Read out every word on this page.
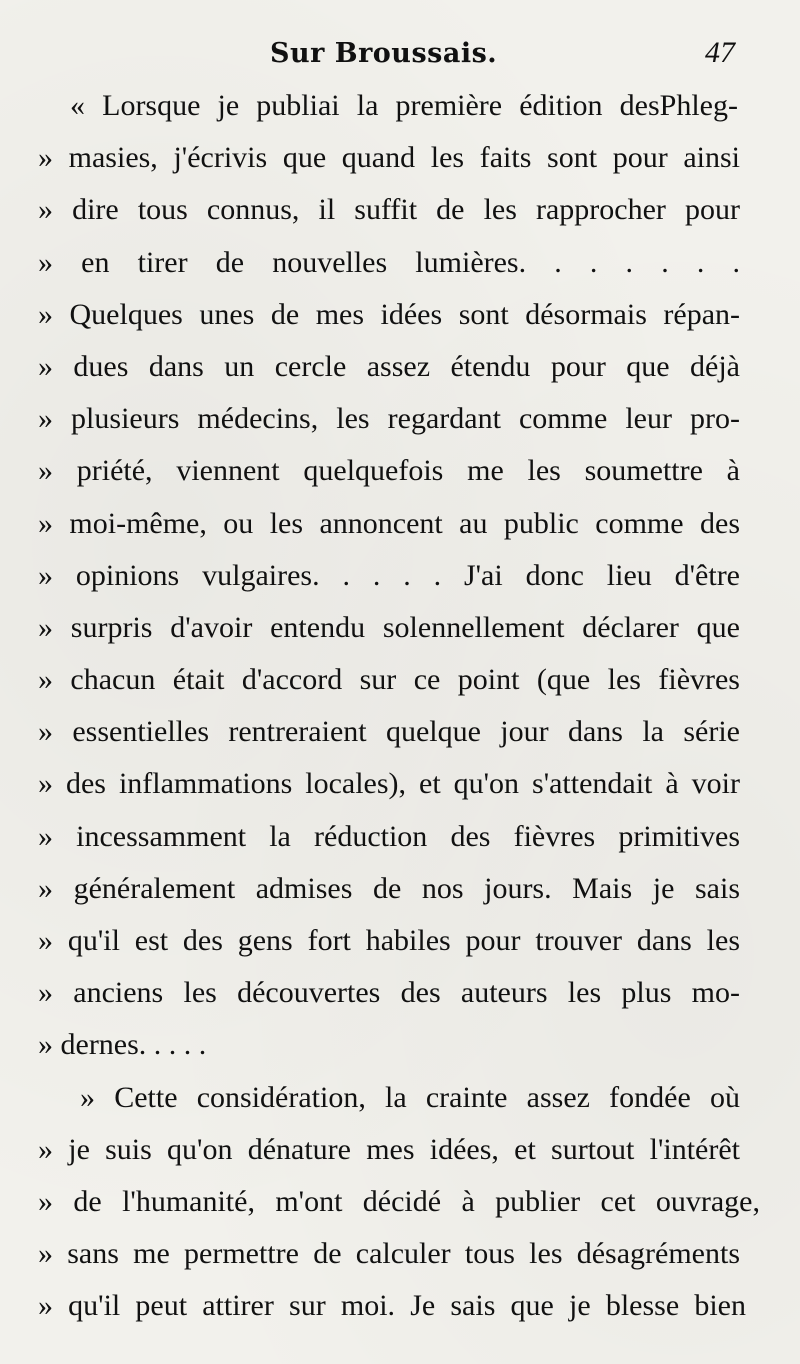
Sur Broussais.	47
« Lorsque je publiai la première édition desPhleg-
» masies, j'écrivis que quand les faits sont pour ainsi
» dire tous connus, il suffit de les rapprocher pour
» en tirer de nouvelles lumières. . . . . . .
» Quelques unes de mes idées sont désormais répan-
» dues dans un cercle assez étendu pour que déjà
» plusieurs médecins, les regardant comme leur pro-
» priété, viennent quelquefois me les soumettre à
» moi-même, ou les annoncent au public comme des
» opinions vulgaires. . . . . J'ai donc lieu d'être
» surpris d'avoir entendu solennellement déclarer que
» chacun était d'accord sur ce point (que les fièvres
» essentielles rentreraient quelque jour dans la série
» des inflammations locales), et qu'on s'attendait à voir
» incessamment la réduction des fièvres primitives
» généralement admises de nos jours. Mais je sais
» qu'il est des gens fort habiles pour trouver dans les
» anciens les découvertes des auteurs les plus mo-
» dernes. . . . .
» Cette considération, la crainte assez fondée où
» je suis qu'on dénature mes idées, et surtout l'intérêt
» de l'humanité, m'ont décidé à publier cet ouvrage,
» sans me permettre de calculer tous les désagréments
» qu'il peut attirer sur moi. Je sais que je blesse bien
